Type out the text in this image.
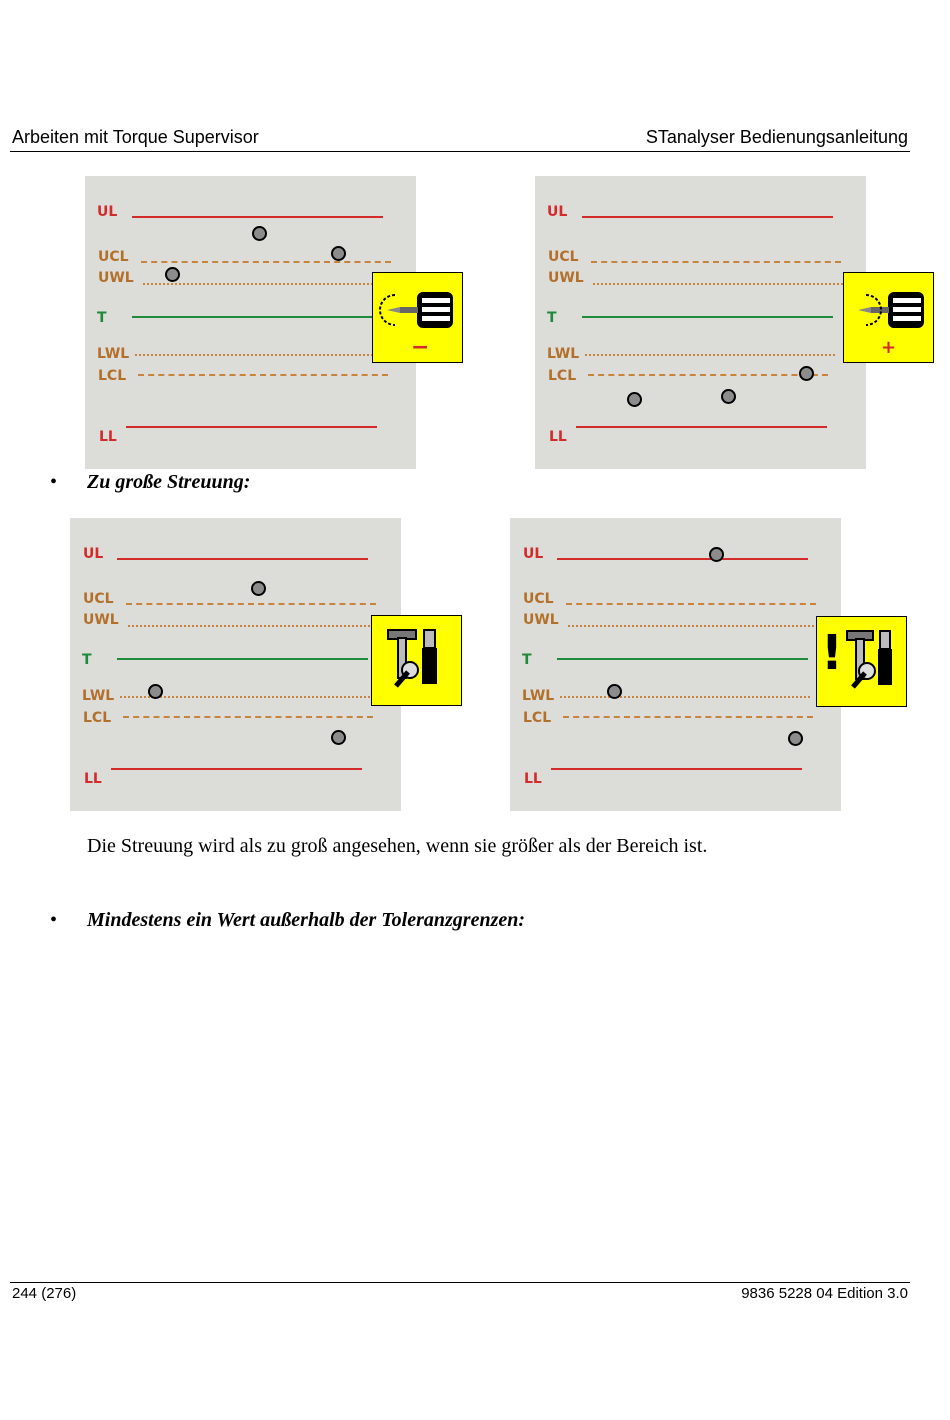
Arbeiten mit Torque Supervisor	STanalyser Bedienungsanleitung
UL
UCL
UWL
T
LWL
LCL
LL
−
UL
UCL
UWL
T
LWL
LCL
LL
+
• Zu große Streuung:
UL
UCL
UWL
T
LWL
LCL
LL
UL
UCL
UWL
T
LWL
LCL
LL
!
Die Streuung wird als zu groß angesehen, wenn sie größer als der Bereich ist.
• Mindestens ein Wert außerhalb der Toleranzgrenzen:
244 (276)	9836 5228 04 Edition 3.0
